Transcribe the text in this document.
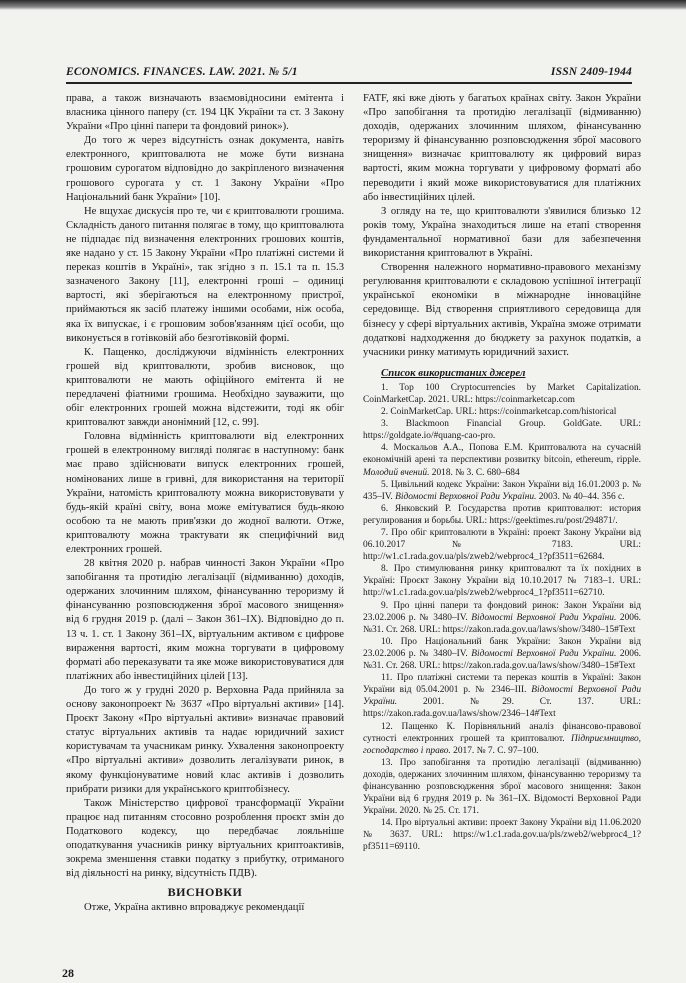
ECONOMICS. FINANCES. LAW. 2021. № 5/1	ISSN 2409-1944

права, а також визначають взаємовідносини емітента і власника цінного паперу (ст. 194 ЦК України та ст. 3 Закону України «Про цінні папери та фондовий ринок»).

До того ж через відсутність ознак документа, навіть електронного, криптовалюта не може бути визнана грошовим сурогатом відповідно до закріпленого визначення грошового сурогата у ст. 1 Закону України «Про Національний банк України» [10].

Не вщухає дискусія про те, чи є криптовалюти грошима. Складність даного питання полягає в тому, що криптовалюта не підпадає під визначення електронних грошових коштів, яке надано у ст. 15 Закону України «Про платіжні системи й переказ коштів в Україні», так згідно з п. 15.1 та п. 15.3 зазначеного Закону [11], електронні гроші – одиниці вартості, які зберігаються на електронному пристрої, приймаються як засіб платежу іншими особами, ніж особа, яка їх випускає, і є грошовим зобов'язанням цієї особи, що виконується в готівковій або безготівковій формі.

К. Пащенко, досліджуючи відмінність електронних грошей від криптовалюти, зробив висновок, що криптовалюти не мають офіційного емітента й не передлачені фіатними грошима. Необхідно зауважити, що обіг електронних грошей можна відстежити, тоді як обіг криптовалют завжди анонімний [12, с. 99].

Головна відмінність криптовалюти від електронних грошей в електронному вигляді полягає в наступному: банк має право здійснювати випуск електронних грошей, номінованих лише в гривні, для використання на території України, натомість криптовалюту можна використовувати у будь-якій країні світу, вона може емітуватися будь-якою особою та не мають прив'язки до жодної валюти. Отже, криптовалюту можна трактувати як специфічний вид електронних грошей.

28 квітня 2020 р. набрав чинності Закон України «Про запобігання та протидію легалізації (відмиванню) доходів, одержаних злочинним шляхом, фінансуванню тероризму й фінансуванню розповсюдження зброї масового знищення» від 6 грудня 2019 р. (далі – Закон 361–IX). Відповідно до п. 13 ч. 1. ст. 1 Закону 361–IX, віртуальним активом є цифрове вираження вартості, яким можна торгувати в цифровому форматі або переказувати та яке може використовуватися для платіжних або інвестиційних цілей [13].

До того ж у грудні 2020 р. Верховна Рада прийняла за основу законопроект № 3637 «Про віртуальні активи» [14]. Проєкт Закону «Про віртуальні активи» визначає правовий статус віртуальних активів та надає юридичний захист користувачам та учасникам ринку. Ухвалення законопроекту «Про віртуальні активи» дозволить легалізувати ринок, в якому функціонуватиме новий клас активів і дозволить прибрати ризики для українського криптобізнесу.

Також Міністерство цифрової трансформації України працює над питанням стосовно розроблення проєкт змін до Податкового кодексу, що передбачає лояльніше оподаткування учасників ринку віртуальних криптоактивів, зокрема зменшення ставки податку з прибутку, отриманого від діяльності на ринку, відсутність ПДВ).

ВИСНОВКИ

Отже, Україна активно впроваджує рекомендації

FATF, які вже діють у багатьох країнах світу. Закон України «Про запобігання та протидію легалізації (відмиванню) доходів, одержаних злочинним шляхом, фінансуванню тероризму й фінансуванню розповсюдження зброї масового знищення» визначає криптовалюту як цифровий вираз вартості, яким можна торгувати у цифровому форматі або переводити і який може використовуватися для платіжних або інвестиційних цілей.

З огляду на те, що криптовалюти з'явилися близько 12 років тому, Україна знаходиться лише на етапі створення фундаментальної нормативної бази для забезпечення використання криптовалют в Україні.

Створення належного нормативно-правового механізму регулювання криптовалюти є складовою успішної інтеграції української економіки в міжнародне інноваційне середовище. Від створення сприятливого середовища для бізнесу у сфері віртуальних активів, Україна зможе отримати додаткові надходження до бюджету за рахунок податків, а учасники ринку матимуть юридичний захист.

Список використаних джерел

1. Top 100 Cryptocurrencies by Market Capitalization. CoinMarketCap. 2021. URL: https://coinmarketcap.com

2. CoinMarketCap. URL: https://coinmarketcap.com/historical

3. Blackmoon Financial Group. GoldGate. URL: https://goldgate.io/#quang-cao-pro.

4. Москальов А.А., Попова Е.М. Криптовалюта на сучасній економічній арені та перспективи розвитку bitcoin, ethereum, ripple. Молодий вчений. 2018. № 3. С. 680–684

5. Цивільний кодекс України: Закон України від 16.01.2003 р. № 435–IV. Відомості Верховної Ради України. 2003. № 40–44. 356 с.

6. Янковский Р. Государства против криптовалют: история регулирования и борьбы. URL: https://geektimes.ru/post/294871/.

7. Про обіг криптовалюти в Україні: проект Закону України від 06.10.2017 № 7183. URL: http://w1.c1.rada.gov.ua/pls/zweb2/webproc4_1?pf3511=62684.

8. Про стимулювання ринку криптовалют та їх похідних в Україні: Проєкт Закону України від 10.10.2017 № 7183–1. URL: http://w1.c1.rada.gov.ua/pls/zweb2/webproc4_1?pf3511=62710.

9. Про цінні папери та фондовий ринок: Закон України від 23.02.2006 р. № 3480–IV. Відомості Верховної Ради України. 2006. №31. Ст. 268. URL: https://zakon.rada.gov.ua/laws/show/3480–15#Text

10. Про Національний банк України: Закон України від 23.02.2006 р. № 3480–IV. Відомості Верховної Ради України. 2006. №31. Ст. 268. URL: https://zakon.rada.gov.ua/laws/show/3480–15#Text

11. Про платіжні системи та переказ коштів в Україні: Закон України від 05.04.2001 р. № 2346–III. Відомості Верховної Ради України.	2001. №29. Ст. 137. URL: https://zakon.rada.gov.ua/laws/show/2346–14#Text

12. Пащенко К. Порівняльний аналіз фінансово-правової сутності електронних грошей та криптовалют. Підприємництво, господарство і право. 2017. № 7. С. 97–100.

13. Про запобігання та протидію легалізації (відмиванню) доходів, одержаних злочинним шляхом, фінансуванню тероризму та фінансуванню розповсюдження зброї масового знищення: Закон України від 6 грудня 2019 р. № 361–IX. Відомості Верховної Ради України. 2020. № 25. Ст. 171.

14. Про віртуальні активи: проект Закону України від 11.06.2020 № 3637. URL: https://w1.c1.rada.gov.ua/pls/zweb2/webproc4_1?pf3511=69110.

28
